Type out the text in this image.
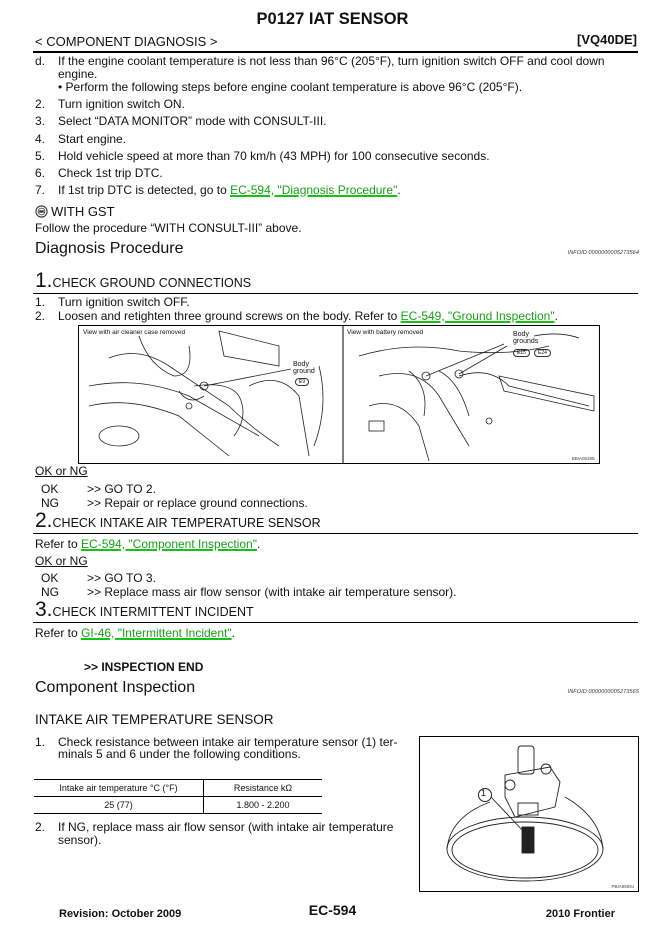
P0127 IAT SENSOR
< COMPONENT DIAGNOSIS >	[VQ40DE]
d. If the engine coolant temperature is not less than 96°C (205°F), turn ignition switch OFF and cool down
engine.
• Perform the following steps before engine coolant temperature is above 96°C (205°F).
2. Turn ignition switch ON.
3. Select “DATA MONITOR” mode with CONSULT-III.
4. Start engine.
5. Hold vehicle speed at more than 70 km/h (43 MPH) for 100 consecutive seconds.
6. Check 1st trip DTC.
7. If 1st trip DTC is detected, go to EC-594, "Diagnosis Procedure".
WITH GST
Follow the procedure “WITH CONSULT-III” above.
Diagnosis Procedure	INFOID:0000000005273564
1.CHECK GROUND CONNECTIONS
1. Turn ignition switch OFF.
2. Loosen and retighten three ground screws on the body. Refer to EC-549, "Ground Inspection".
View with air cleaner case removed
Body
ground
E9
View with battery removed	Body
grounds
E15	E24
BBIA0539E
OK or NG
OK >> GO TO 2.
NG >> Repair or replace ground connections.
2.CHECK INTAKE AIR TEMPERATURE SENSOR
Refer to EC-594, "Component Inspection".
OK or NG
OK >> GO TO 3.
NG >> Replace mass air flow sensor (with intake air temperature sensor).
3.CHECK INTERMITTENT INCIDENT
Refer to GI-46, "Intermittent Incident".
>> INSPECTION END
Component Inspection	INFOID:0000000005273565
INTAKE AIR TEMPERATURE SENSOR
1. Check resistance between intake air temperature sensor (1) ter-
minals 5 and 6 under the following conditions.
Intake air temperature °C (°F)	Resistance kΩ
25 (77)	1.800 - 2.200
2. If NG, replace mass air flow sensor (with intake air temperature
sensor).
1
PBIA9559J
Revision: October 2009	EC-594	2010 Frontier
